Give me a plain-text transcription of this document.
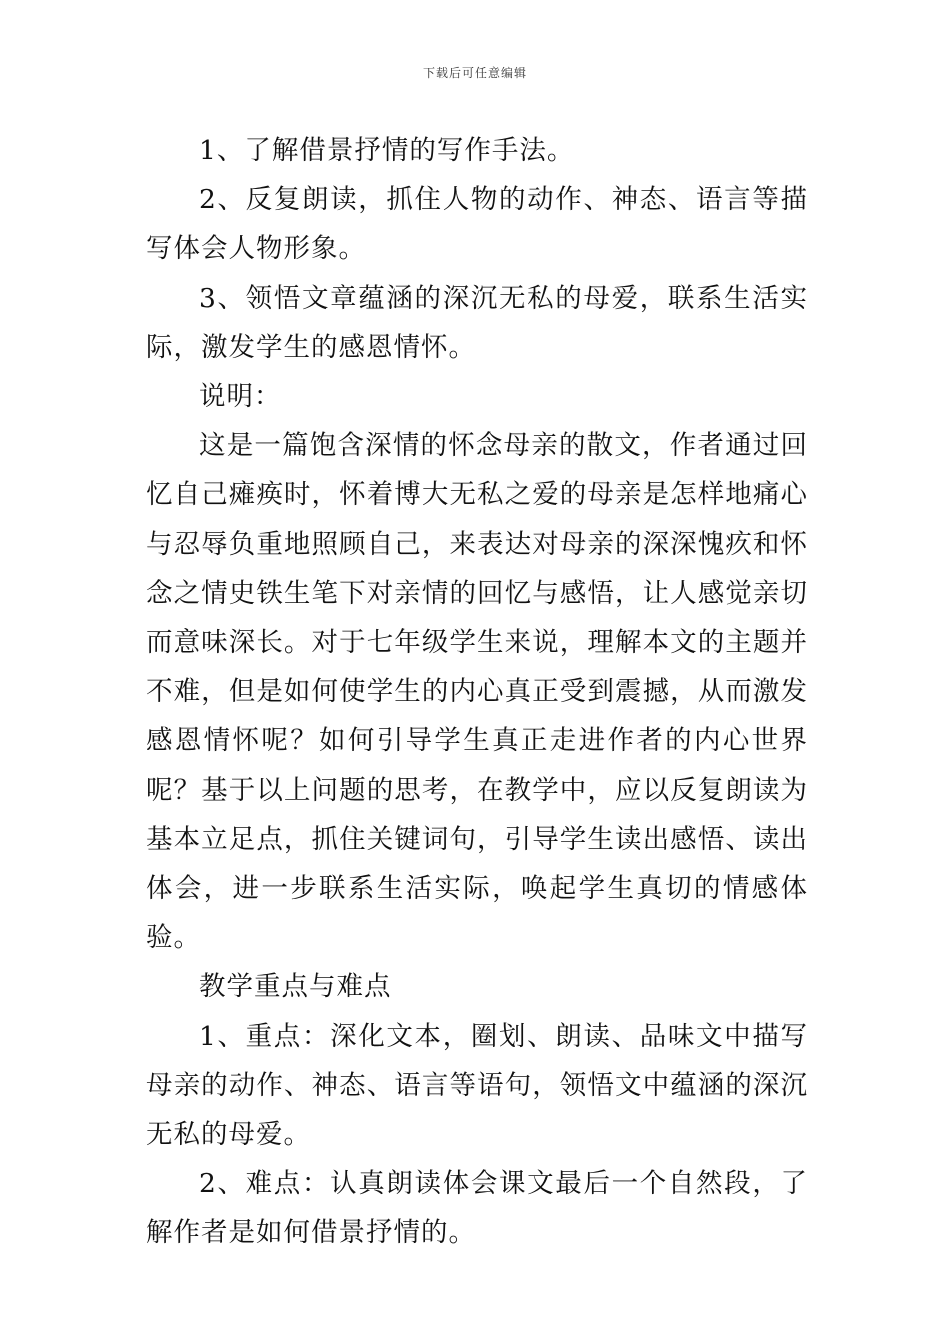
下载后可任意编辑

1、了解借景抒情的写作手法。

2、反复朗读，抓住人物的动作、神态、语言等描写体会人物形象。

3、领悟文章蕴涵的深沉无私的母爱，联系生活实际，激发学生的感恩情怀。

说明：

这是一篇饱含深情的怀念母亲的散文，作者通过回忆自己瘫痪时，怀着博大无私之爱的母亲是怎样地痛心与忍辱负重地照顾自己，来表达对母亲的深深愧疚和怀念之情史铁生笔下对亲情的回忆与感悟，让人感觉亲切而意味深长。对于七年级学生来说，理解本文的主题并不难，但是如何使学生的内心真正受到震撼，从而激发感恩情怀呢？如何引导学生真正走进作者的内心世界呢？基于以上问题的思考，在教学中，应以反复朗读为基本立足点，抓住关键词句，引导学生读出感悟、读出体会，进一步联系生活实际，唤起学生真切的情感体验。

教学重点与难点

1、重点：深化文本，圈划、朗读、品味文中描写母亲的动作、神态、语言等语句，领悟文中蕴涵的深沉无私的母爱。

2、难点：认真朗读体会课文最后一个自然段，了解作者是如何借景抒情的。
